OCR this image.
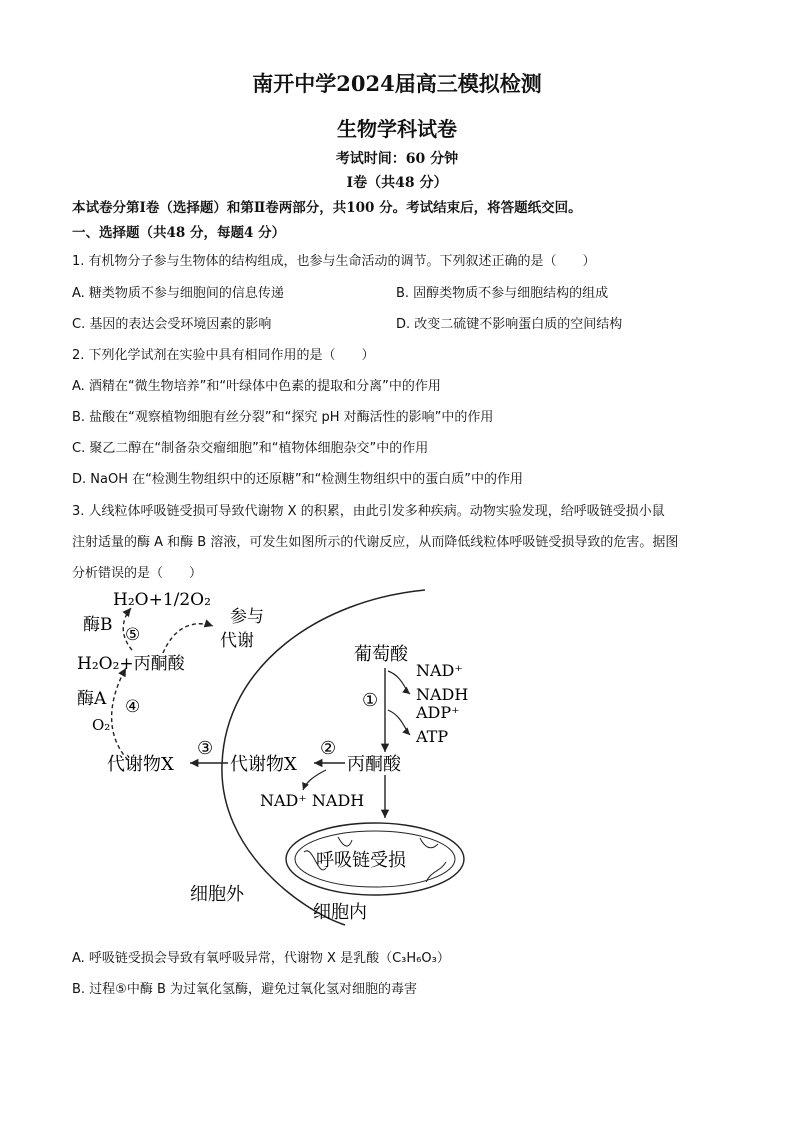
南开中学2024届高三模拟检测
生物学科试卷
考试时间：60 分钟
Ⅰ卷（共48 分）
本试卷分第Ⅰ卷（选择题）和第Ⅱ卷两部分，共100 分。考试结束后，将答题纸交回。
一、选择题（共48 分，每题4 分）
1. 有机物分子参与生物体的结构组成，也参与生命活动的调节。下列叙述正确的是（　　）
A. 糖类物质不参与细胞间的信息传递	B. 固醇类物质不参与细胞结构的组成
C. 基因的表达会受环境因素的影响	D. 改变二硫键不影响蛋白质的空间结构
2. 下列化学试剂在实验中具有相同作用的是（　　）
A. 酒精在“微生物培养”和“叶绿体中色素的提取和分离”中的作用
B. 盐酸在“观察植物细胞有丝分裂”和“探究 pH 对酶活性的影响”中的作用
C. 聚乙二醇在“制备杂交瘤细胞”和“植物体细胞杂交”中的作用
D. NaOH 在“检测生物组织中的还原糖”和“检测生物组织中的蛋白质”中的作用
3. 人线粒体呼吸链受损可导致代谢物 X 的积累，由此引发多种疾病。动物实验发现，给呼吸链受损小鼠
注射适量的酶 A 和酶 B 溶液，可发生如图所示的代谢反应，从而降低线粒体呼吸链受损导致的危害。据图
分析错误的是（　　）
H₂O+1/2O₂
酶B ⑤
参与
代谢
H₂O₂+丙酮酸
酶A ④
O₂
葡萄酸
NAD⁺
① NADH
ADP⁺
ATP
代谢物X
③
代谢物X
②
丙酮酸
NAD⁺ NADH
呼吸链受损
细胞外
细胞内
A. 呼吸链受损会导致有氧呼吸异常，代谢物 X 是乳酸（C₃H₆O₃）
B. 过程⑤中酶 B 为过氧化氢酶，避免过氧化氢对细胞的毒害
